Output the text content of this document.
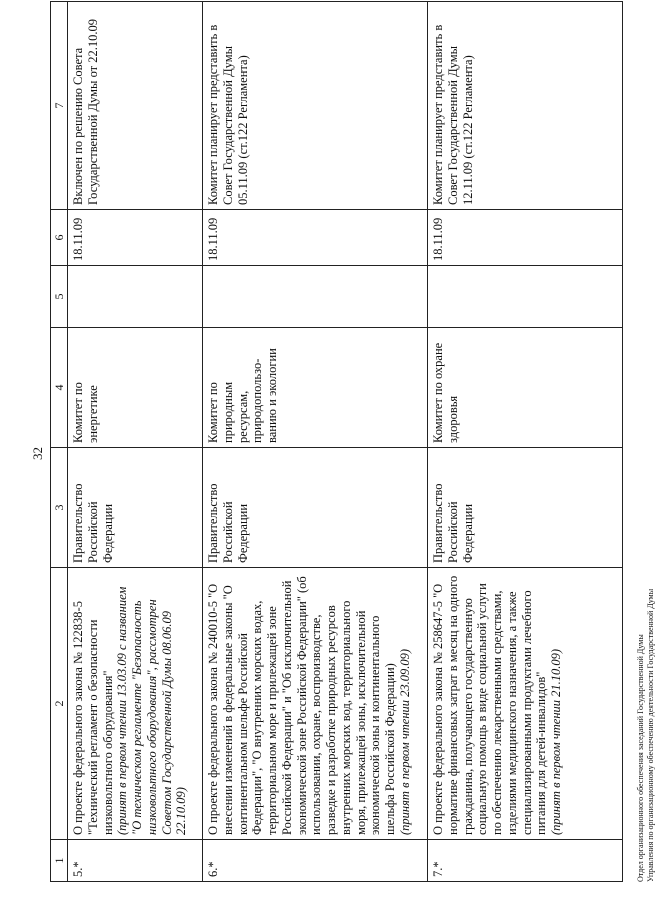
32
1	2	3	4	5	6	7
5.*	О проекте федерального закона № 122838-5 "Технический регламент о безопасности низковольтного оборудования" (принят в первом чтении 13.03.09 с названием "О техническом регламенте "Безопасность низковольтного оборудования", рассмотрен Советом Государственной Думы 08.06.09 22.10.09)	Правительство Российской Федерации	Комитет по энергетике		18.11.09	Включен по решению Совета Государственной Думы от 22.10.09
6.*	О проекте федерального закона № 240010-5 "О внесении изменений в федеральные законы "О континентальном шельфе Российской Федерации", "О внутренних морских водах, территориальном море и прилежащей зоне Российской Федерации" и "Об исключительной экономической зоне Российской Федерации" (об использовании, охране, воспроизводстве, разведке и разработке природных ресурсов внутренних морских вод, территориального моря, прилежащей зоны, исключительной экономической зоны и континентального шельфа Российской Федерации) (принят в первом чтении 23.09.09)	Правительство Российской Федерации	Комитет по природным ресурсам, природопользо-ванию и экологии		18.11.09	Комитет планирует представить в Совет Государственной Думы 05.11.09 (ст.122 Регламента)
7.*	О проекте федерального закона № 258647-5 "О нормативе финансовых затрат в месяц на одного гражданина, получающего государственную социальную помощь в виде социальной услуги по обеспечению лекарственными средствами, изделиями медицинского назначения, а также специализированными продуктами лечебного питания для детей-инвалидов" (принят в первом чтении 21.10.09)	Правительство Российской Федерации	Комитет по охране здоровья		18.11.09	Комитет планирует представить в Совет Государственной Думы 12.11.09 (ст.122 Регламента)
Отдел организационного обеспечения заседаний Государственной Думы Управления по организационному обеспечению деятельности Государственной Думы
